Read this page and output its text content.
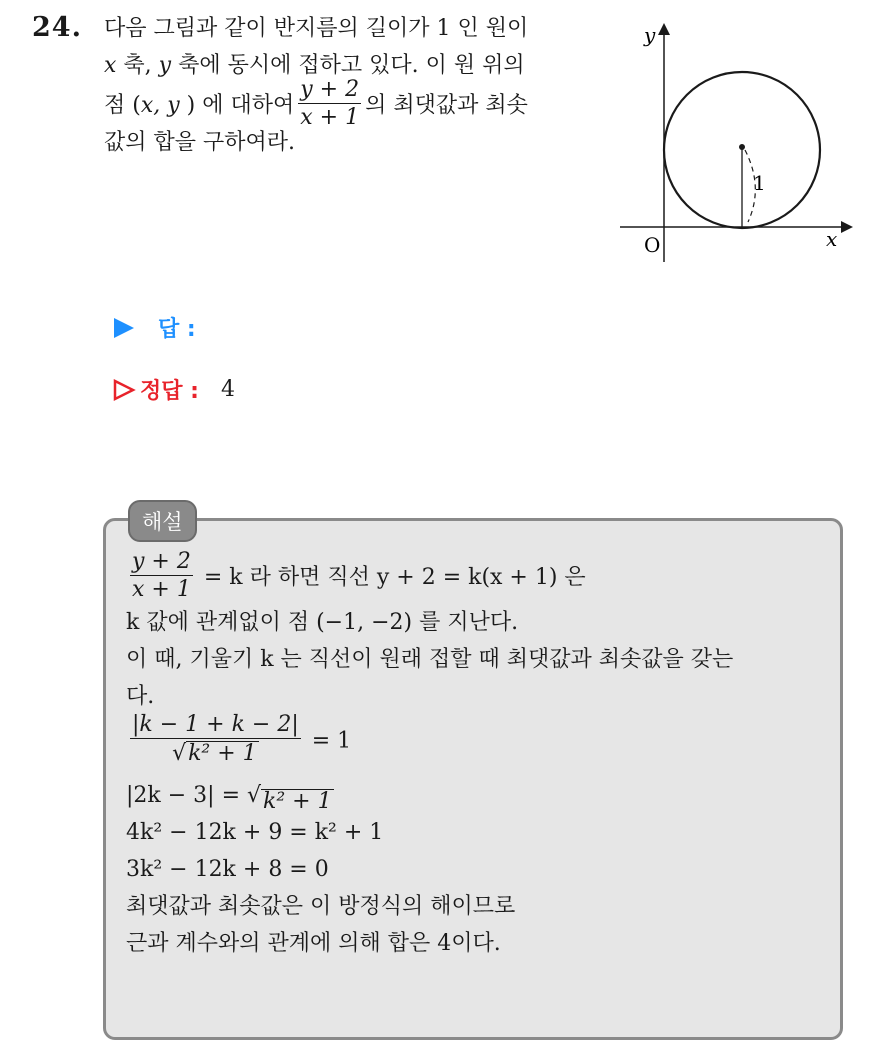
24. 다음 그림과 같이 반지름의 길이가 1 인 원이
x 축, y 축에 동시에 접하고 있다. 이 원 위의
점 (x, y ) 에 대하여 $\frac{y + 2}{x + 1}$ 의 최댓값과 최솟
값의 합을 구하여라.
y
x
O
1
답 :
정답 : 4
해설
$\frac{y + 2}{x + 1} = k$ 라 하면 직선 y + 2 = k(x + 1) 은
k 값에 관계없이 점 (−1, −2) 를 지난다.
이 때, 기울기 k 는 직선이 원래 접할 때 최댓값과 최솟값을 갖는
다.
$\frac{|k - 1 + k - 2|}{\text{√ k² + 1}} = 1$
|2k − 3| = √ k² + 1
4k² − 12k + 9 = k² + 1
3k² − 12k + 8 = 0
최댓값과 최솟값은 이 방정식의 해이므로
근과 계수와의 관계에 의해 합은 4이다.
